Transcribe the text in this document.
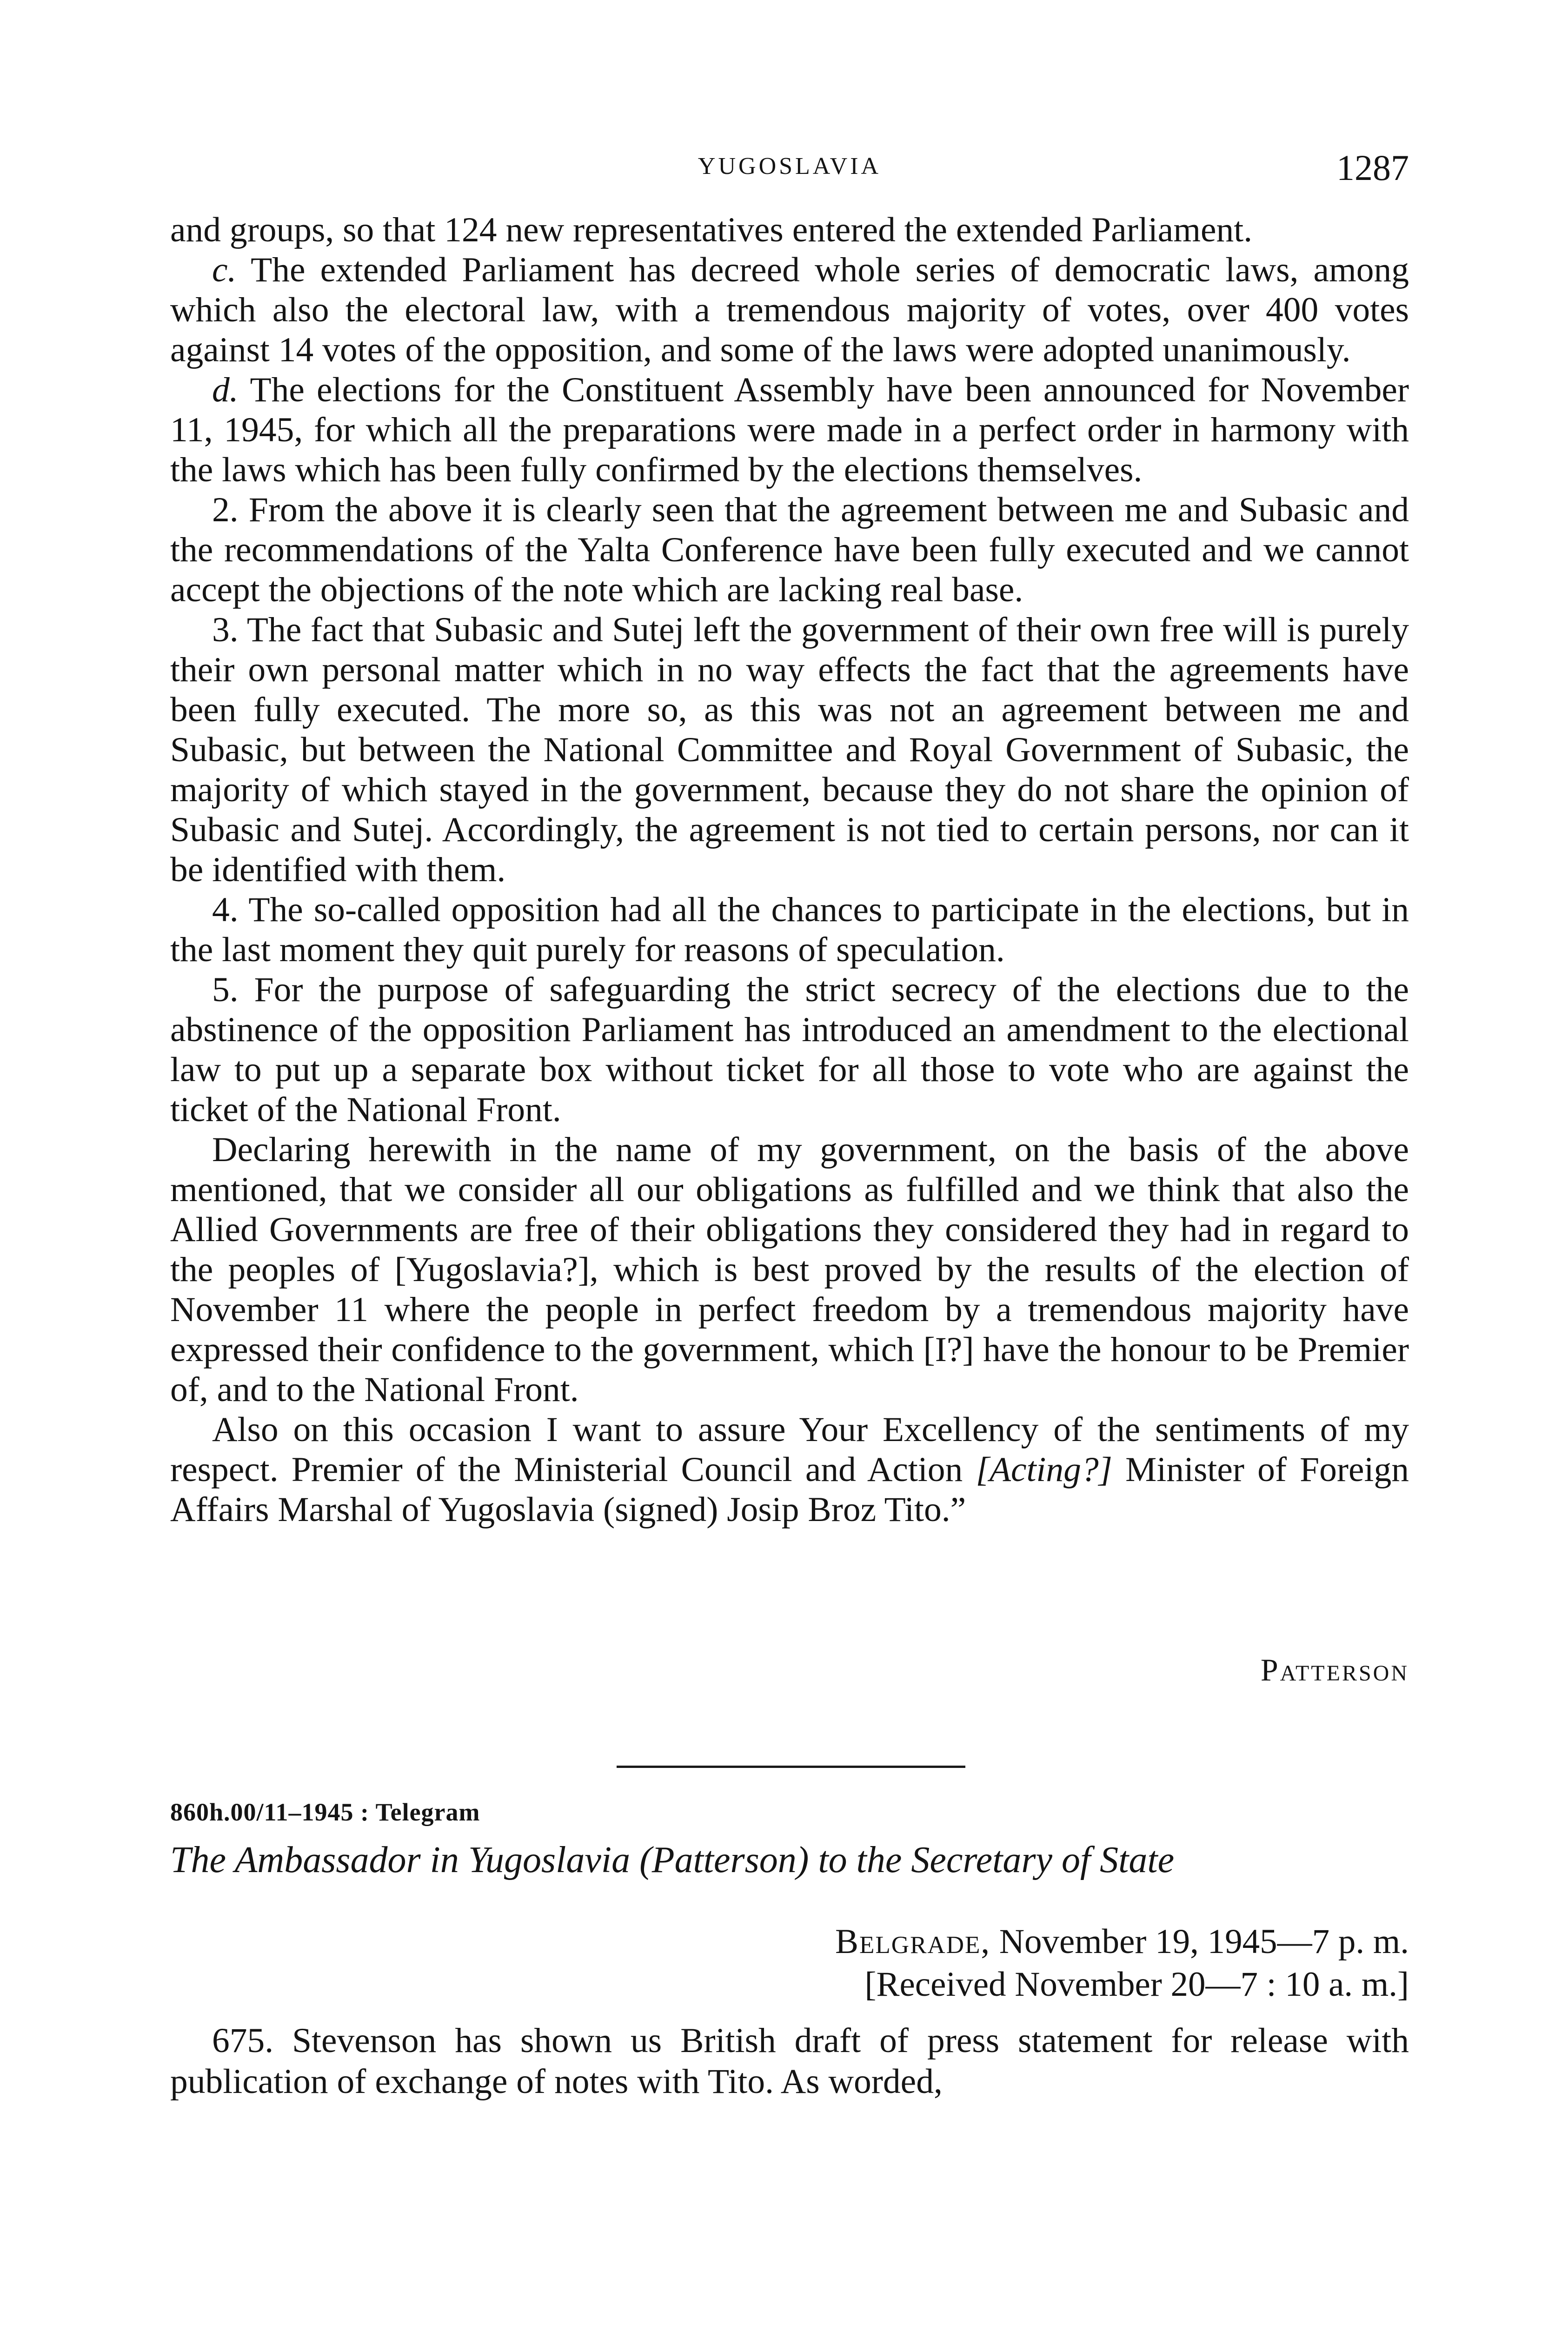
YUGOSLAVIA	1287

and groups, so that 124 new representatives entered the extended Parliament.

c. The extended Parliament has decreed whole series of democratic laws, among which also the electoral law, with a tremendous majority of votes, over 400 votes against 14 votes of the opposition, and some of the laws were adopted unanimously.

d. The elections for the Constituent Assembly have been announced for November 11, 1945, for which all the preparations were made in a perfect order in harmony with the laws which has been fully confirmed by the elections themselves.

2. From the above it is clearly seen that the agreement between me and Subasic and the recommendations of the Yalta Conference have been fully executed and we cannot accept the objections of the note which are lacking real base.

3. The fact that Subasic and Sutej left the government of their own free will is purely their own personal matter which in no way effects the fact that the agreements have been fully executed. The more so, as this was not an agreement between me and Subasic, but between the National Committee and Royal Government of Subasic, the majority of which stayed in the government, because they do not share the opinion of Subasic and Sutej. Accordingly, the agreement is not tied to certain persons, nor can it be identified with them.

4. The so-called opposition had all the chances to participate in the elections, but in the last moment they quit purely for reasons of speculation.

5. For the purpose of safeguarding the strict secrecy of the elections due to the abstinence of the opposition Parliament has introduced an amendment to the electional law to put up a separate box without ticket for all those to vote who are against the ticket of the National Front.

Declaring herewith in the name of my government, on the basis of the above mentioned, that we consider all our obligations as fulfilled and we think that also the Allied Governments are free of their obligations they considered they had in regard to the peoples of [Yugoslavia?], which is best proved by the results of the election of November 11 where the people in perfect freedom by a tremendous majority have expressed their confidence to the government, which [I?] have the honour to be Premier of, and to the National Front.

Also on this occasion I want to assure Your Excellency of the sentiments of my respect. Premier of the Ministerial Council and Action [Acting?] Minister of Foreign Affairs Marshal of Yugoslavia (signed) Josip Broz Tito.”

Patterson
860h.00/11–1945 : Telegram
The Ambassador in Yugoslavia (Patterson) to the Secretary of State
Belgrade, November 19, 1945—7 p. m.
[Received November 20—7 : 10 a. m.]

675. Stevenson has shown us British draft of press statement for release with publication of exchange of notes with Tito. As worded,
